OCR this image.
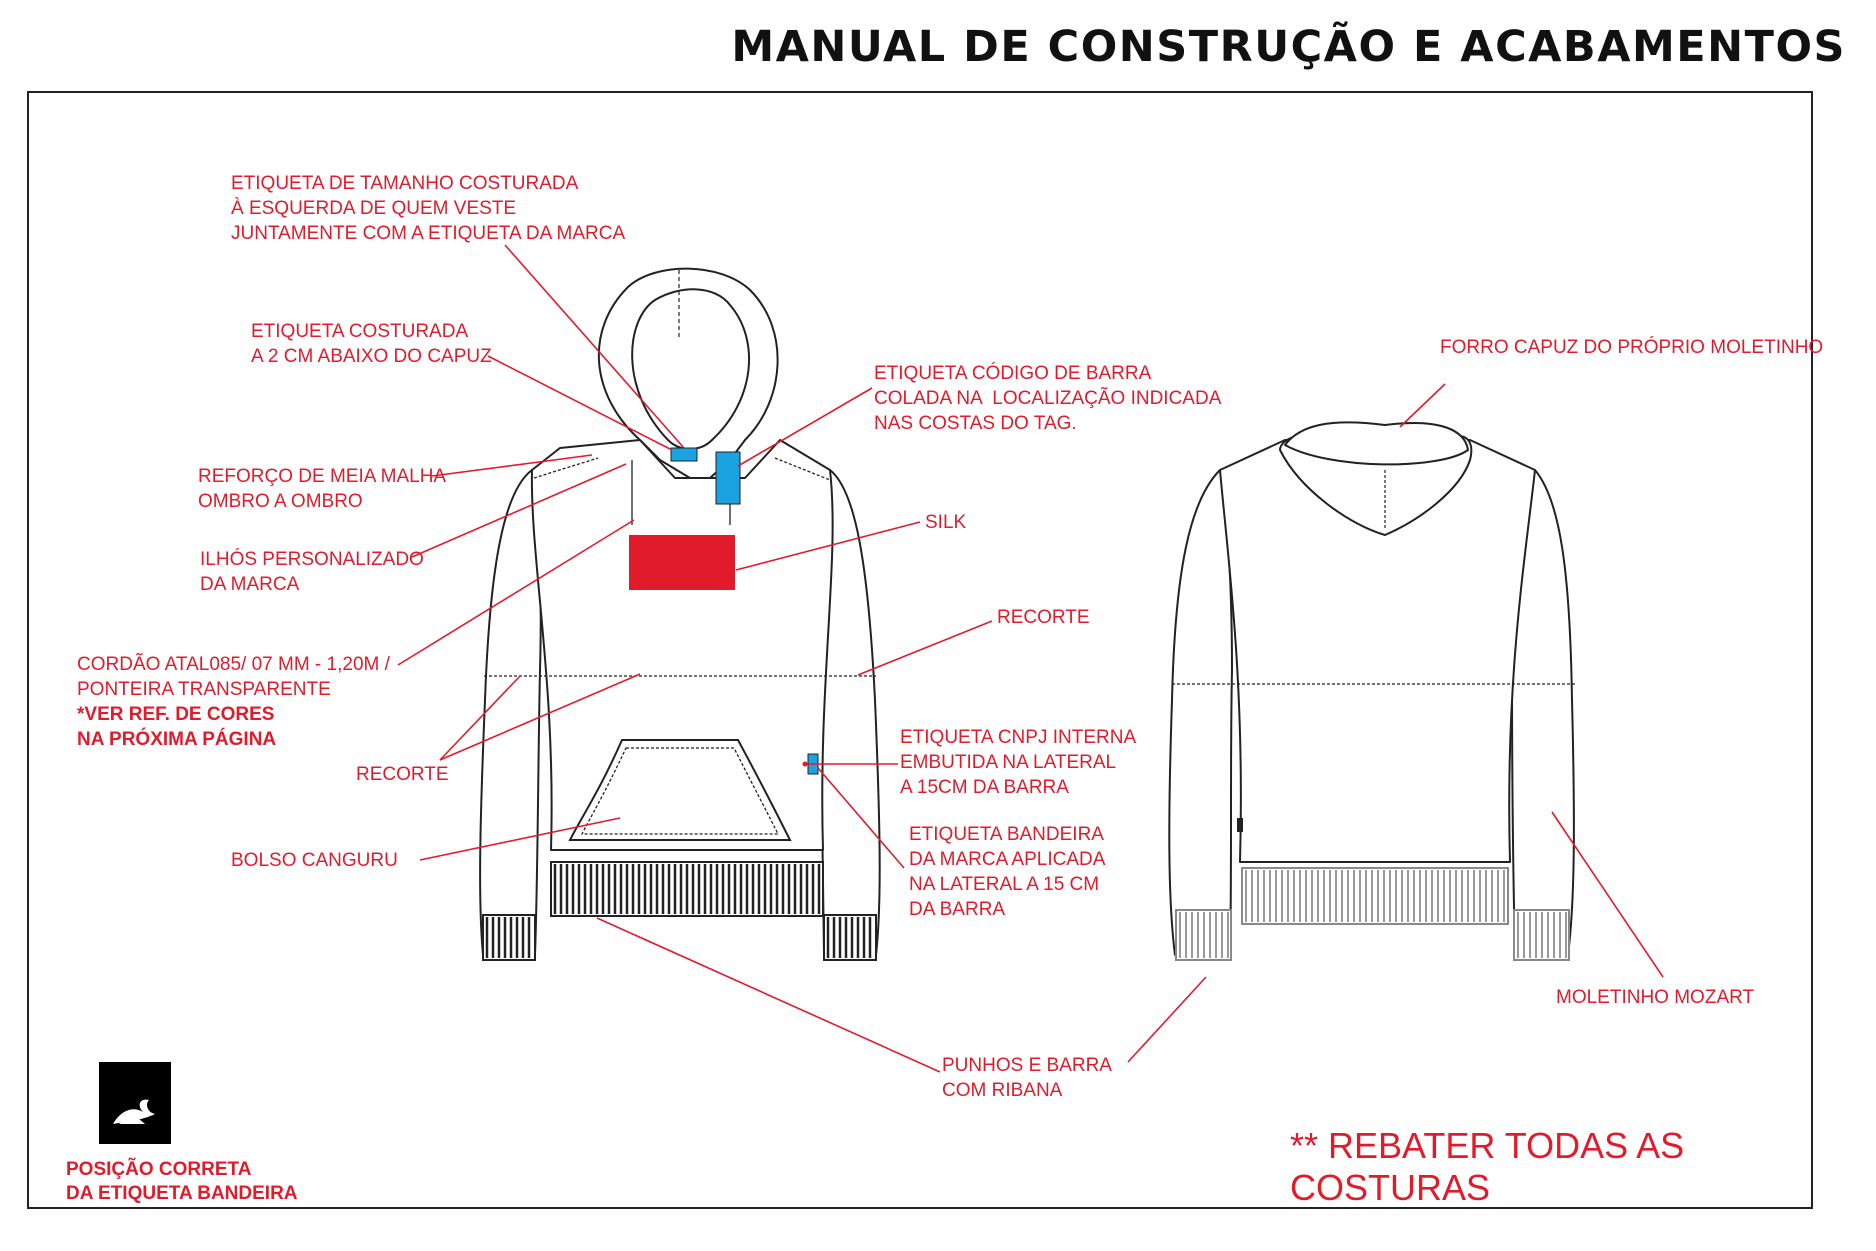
MANUAL DE CONSTRUÇÃO E ACABAMENTOS
ETIQUETA DE TAMANHO COSTURADA
À ESQUERDA DE QUEM VESTE
JUNTAMENTE COM A ETIQUETA DA MARCA
ETIQUETA COSTURADA
A 2 CM ABAIXO DO CAPUZ
REFORÇO DE MEIA MALHA
OMBRO A OMBRO
ILHÓS PERSONALIZADO
DA MARCA
CORDÃO ATAL085/ 07 MM - 1,20M /
PONTEIRA TRANSPARENTE
*VER REF. DE CORES
NA PRÓXIMA PÁGINA
RECORTE
BOLSO CANGURU
ETIQUETA CÓDIGO DE BARRA
COLADA NA  LOCALIZAÇÃO INDICADA
NAS COSTAS DO TAG.
SILK
RECORTE
ETIQUETA CNPJ INTERNA
EMBUTIDA NA LATERAL
A 15CM DA BARRA
ETIQUETA BANDEIRA
DA MARCA APLICADA
NA LATERAL A 15 CM
DA BARRA
PUNHOS E BARRA
COM RIBANA
FORRO CAPUZ DO PRÓPRIO MOLETINHO
MOLETINHO MOZART
** REBATER TODAS AS COSTURAS
POSIÇÃO CORRETA
DA ETIQUETA BANDEIRA
